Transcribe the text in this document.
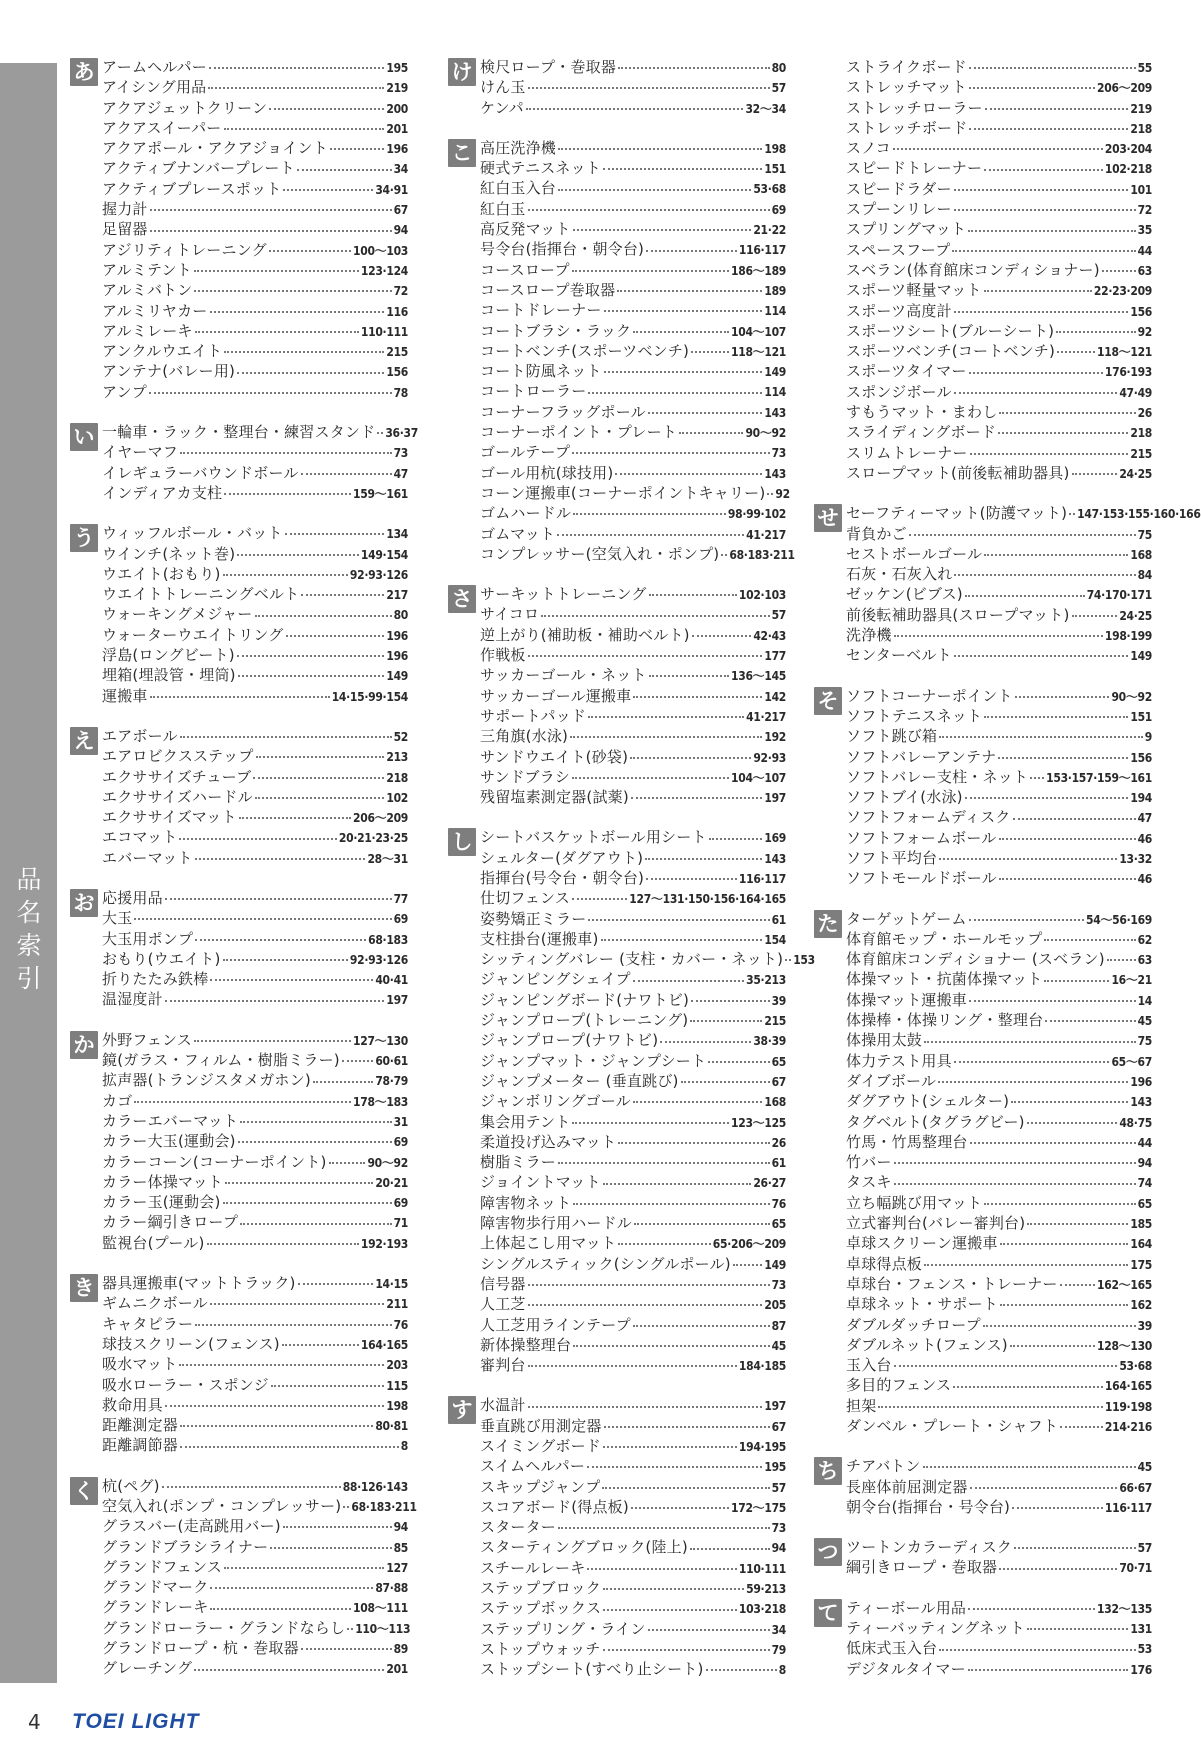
品名索引
あ アームヘルパー	195
アイシング用品	219
アクアジェットクリーン	200
アクアスイーパー	201
アクアポール・アクアジョイント	196
アクティブナンバープレート	34
アクティブプレースポット	34·91
握力計	67
足留器	94
アジリティトレーニング	100〜103
アルミテント	123·124
アルミバトン	72
アルミリヤカー	116
アルミレーキ	110·111
アンクルウエイト	215
アンテナ(バレー用)	156
アンプ	78
い 一輪車・ラック・整理台・練習スタンド 36·37
イヤーマフ	73
イレギュラーバウンドボール	47
インディアカ支柱	159〜161
う ウィッフルボール・バット	134
ウインチ(ネット巻)	149·154
ウエイト(おもり)	92·93·126
ウエイトトレーニングベルト	217
ウォーキングメジャー	80
ウォーターウエイトリング	196
浮島(ロングビート)	196
埋箱(埋設管・埋筒)	149
運搬車	14·15·99·154
え エアボール	52
エアロビクスステップ	213
エクササイズチューブ	218
エクササイズハードル	102
エクササイズマット	206〜209
エコマット	20·21·23·25
エバーマット	28〜31
お 応援用品	77
大玉	69
大玉用ポンプ	68·183
おもり(ウエイト)	92·93·126
折りたたみ鉄棒	40·41
温湿度計	197
か 外野フェンス	127〜130
鏡(ガラス・フィルム・樹脂ミラー)	60·61
拡声器(トランジスタメガホン)	78·79
カゴ	178〜183
カラーエバーマット	31
カラー大玉(運動会)	69
カラーコーン(コーナーポイント)	90〜92
カラー体操マット	20·21
カラー玉(運動会)	69
カラー綱引きロープ	71
監視台(プール)	192·193
き 器具運搬車(マットトラック)	14·15
ギムニクボール	211
キャタピラー	76
球技スクリーン(フェンス)	164·165
吸水マット	203
吸水ローラー・スポンジ	115
救命用具	198
距離測定器	80·81
距離調節器	8
く 杭(ペグ)	88·126·143
空気入れ(ポンプ・コンプレッサー) 68·183·211
グラスバー(走高跳用バー)	94
グランドブラシライナー	85
グランドフェンス	127
グランドマーク	87·88
グランドレーキ	108〜111
グランドローラー・グランドならし 110〜113
グランドロープ・杭・巻取器	89
グレーチング	201
け 検尺ロープ・巻取器	80
けん玉	57
ケンパ	32〜34
こ 高圧洗浄機	198
硬式テニスネット	151
紅白玉入台	53·68
紅白玉	69
高反発マット	21·22
号令台(指揮台・朝令台)	116·117
コースロープ	186〜189
コースロープ巻取器	189
コートドレーナー	114
コートブラシ・ラック	104〜107
コートベンチ(スポーツベンチ)	118〜121
コート防風ネット	149
コートローラー	114
コーナーフラッグポール	143
コーナーポイント・プレート	90〜92
ゴールテープ	73
ゴール用杭(球技用)	143
コーン運搬車(コーナーポイントキャリー) 92
ゴムハードル	98·99·102
ゴムマット	41·217
コンプレッサー(空気入れ・ポンプ) 68·183·211
さ サーキットトレーニング	102·103
サイコロ	57
逆上がり(補助板・補助ベルト)	42·43
作戦板	177
サッカーゴール・ネット	136〜145
サッカーゴール運搬車	142
サポートパッド	41·217
三角旗(水泳)	192
サンドウエイト(砂袋)	92·93
サンドブラシ	104〜107
残留塩素測定器(試薬)	197
し シートバスケットボール用シート	169
シェルター(ダグアウト)	143
指揮台(号令台・朝令台)	116·117
仕切フェンス	127〜131·150·156·164·165
姿勢矯正ミラー	61
支柱掛台(運搬車)	154
シッティングバレー (支柱・カバー・ネット) 153
ジャンピングシェイプ	35·213
ジャンピングボード(ナワトビ)	39
ジャンプロープ(トレーニング)	215
ジャンプロープ(ナワトビ)	38·39
ジャンプマット・ジャンプシート	65
ジャンプメーター (垂直跳び)	67
ジャンボリングゴール	168
集会用テント	123〜125
柔道投げ込みマット	26
樹脂ミラー	61
ジョイントマット	26·27
障害物ネット	76
障害物歩行用ハードル	65
上体起こし用マット	65·206〜209
シングルスティック(シングルポール)	149
信号器	73
人工芝	205
人工芝用ラインテープ	87
新体操整理台	45
審判台	184·185
す 水温計	197
垂直跳び用測定器	67
スイミングボード	194·195
スイムヘルパー	195
スキップジャンプ	57
スコアボード(得点板)	172〜175
スターター	73
スターティングブロック(陸上)	94
スチールレーキ	110·111
ステップブロック	59·213
ステップボックス	103·218
ステップリング・ライン	34
ストップウォッチ	79
ストップシート(すべり止シート)	8
ストライクボード	55
ストレッチマット	206〜209
ストレッチローラー	219
ストレッチボード	218
スノコ	203·204
スピードトレーナー	102·218
スピードラダー	101
スプーンリレー	72
スプリングマット	35
スペースフープ	44
スベラン(体育館床コンディショナー)	63
スポーツ軽量マット	22·23·209
スポーツ高度計	156
スポーツシート(ブルーシート)	92
スポーツベンチ(コートベンチ)	118〜121
スポーツタイマー	176·193
スポンジボール	47·49
すもうマット・まわし	26
スライディングボード	218
スリムトレーナー	215
スロープマット(前後転補助器具)	24·25
せ セーフティーマット(防護マット) 147·153·155·160·166
背負かご	75
セストボールゴール	168
石灰・石灰入れ	84
ゼッケン(ビブス)	74·170·171
前後転補助器具(スロープマット)	24·25
洗浄機	198·199
センターベルト	149
そ ソフトコーナーポイント	90〜92
ソフトテニスネット	151
ソフト跳び箱	9
ソフトバレーアンテナ	156
ソフトバレー支柱・ネット 153·157·159〜161
ソフトブイ(水泳)	194
ソフトフォームディスク	47
ソフトフォームボール	46
ソフト平均台	13·32
ソフトモールドボール	46
た ターゲットゲーム	54〜56·169
体育館モップ・ホールモップ	62
体育館床コンディショナー (スベラン)	63
体操マット・抗菌体操マット	16〜21
体操マット運搬車	14
体操棒・体操リング・整理台	45
体操用太鼓	75
体力テスト用具	65〜67
ダイブボール	196
ダグアウト(シェルター)	143
タグベルト(タグラグビー)	48·75
竹馬・竹馬整理台	44
竹バー	94
タスキ	74
立ち幅跳び用マット	65
立式審判台(バレー審判台)	185
卓球スクリーン運搬車	164
卓球得点板	175
卓球台・フェンス・トレーナー	162〜165
卓球ネット・サポート	162
ダブルダッチロープ	39
ダブルネット(フェンス)	128〜130
玉入台	53·68
多目的フェンス	164·165
担架	119·198
ダンベル・プレート・シャフト	214·216
ち チアバトン	45
長座体前屈測定器	66·67
朝令台(指揮台・号令台)	116·117
つ ツートンカラーディスク	57
綱引きロープ・巻取器	70·71
て ティーボール用品	132〜135
ティーバッティングネット	131
低床式玉入台	53
デジタルタイマー	176
4 TOEI LIGHT
